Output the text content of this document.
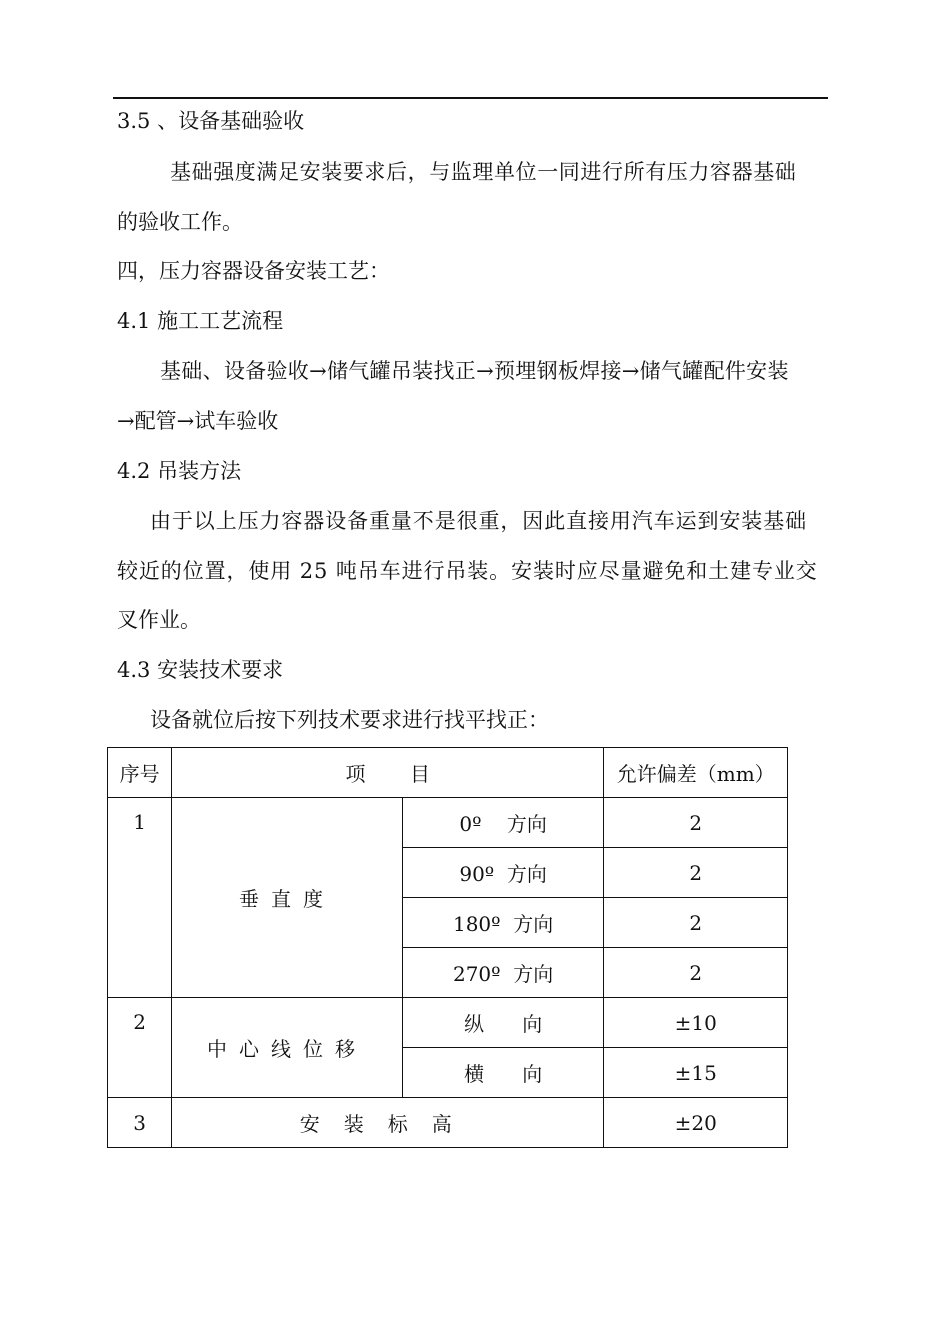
3.5 、设备基础验收
基础强度满足安装要求后，与监理单位一同进行所有压力容器基础
的验收工作。
四，压力容器设备安装工艺：
4.1 施工工艺流程
基础、设备验收→储气罐吊装找正→预埋钢板焊接→储气罐配件安装
→配管→试车验收
4.2 吊装方法
由于以上压力容器设备重量不是很重，因此直接用汽车运到安装基础
较近的位置，使用 25 吨吊车进行吊装。安装时应尽量避免和土建专业交
叉作业。
4.3 安装技术要求
设备就位后按下列技术要求进行找平找正：
序号	项       目		允许偏差（mm）
1	垂直度	0º    方向	2
		90º  方向	2
		180º  方向	2
		270º  方向	2
2	中心线位移	纵      向	±10
		横      向	±15
3	安装标高		±20
